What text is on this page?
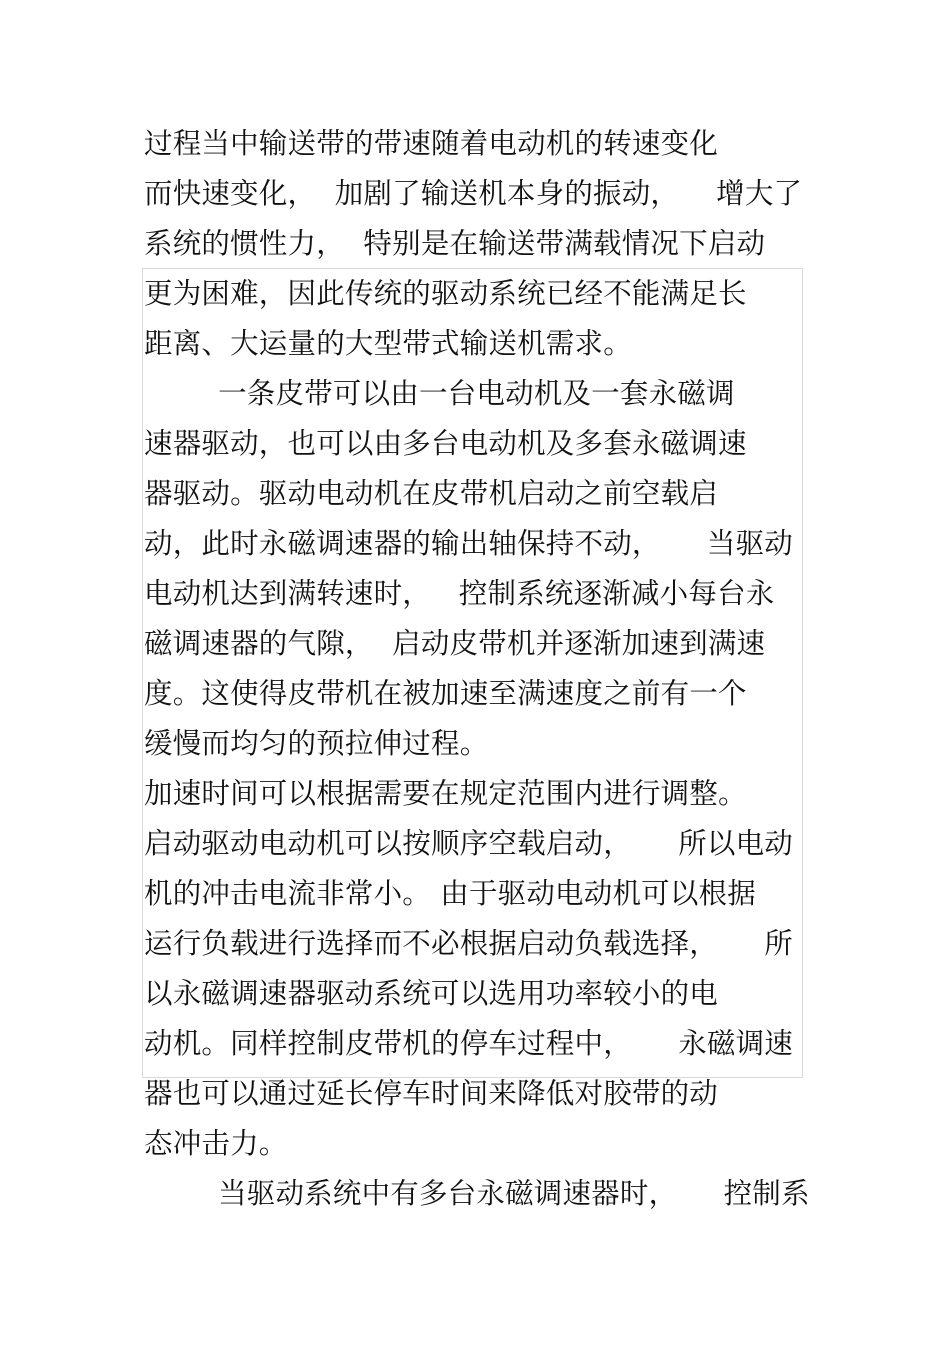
过程当中输送带的带速随着电动机的转速变化
而快速变化，  加剧了输送机本身的振动，    增大了
系统的惯性力，  特别是在输送带满载情况下启动
更为困难，因此传统的驱动系统已经不能满足长
距离、大运量的大型带式输送机需求。
一条皮带可以由一台电动机及一套永磁调
速器驱动，也可以由多台电动机及多套永磁调速
器驱动。驱动电动机在皮带机启动之前空载启
动，此时永磁调速器的输出轴保持不动，     当驱动
电动机达到满转速时，   控制系统逐渐减小每台永
磁调速器的气隙，  启动皮带机并逐渐加速到满速
度。这使得皮带机在被加速至满速度之前有一个
缓慢而均匀的预拉伸过程。
加速时间可以根据需要在规定范围内进行调整。
启动驱动电动机可以按顺序空载启动，     所以电动
机的冲击电流非常小。 由于驱动电动机可以根据
运行负载进行选择而不必根据启动负载选择，     所
以永磁调速器驱动系统可以选用功率较小的电
动机。同样控制皮带机的停车过程中，     永磁调速
器也可以通过延长停车时间来降低对胶带的动
态冲击力。
当驱动系统中有多台永磁调速器时，     控制系
